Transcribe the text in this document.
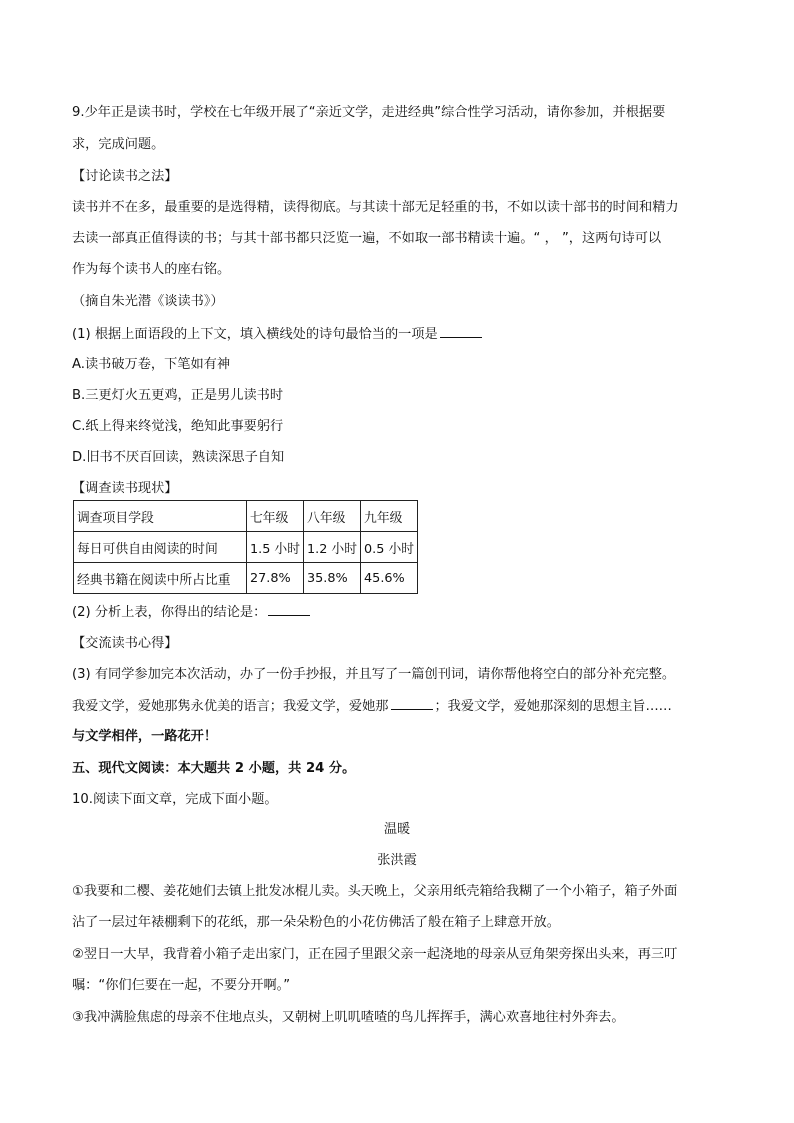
9.少年正是读书时，学校在七年级开展了“亲近文学，走进经典”综合性学习活动，请你参加，并根据要
求，完成问题。
【讨论读书之法】
读书并不在多，最重要的是选得精，读得彻底。与其读十部无足轻重的书，不如以读十部书的时间和精力
去读一部真正值得读的书；与其十部书都只泛览一遍，不如取一部书精读十遍。“ ， ”，这两句诗可以
作为每个读书人的座右铭。
（摘自朱光潜《谈读书》）
(1) 根据上面语段的上下文，填入横线处的诗句最恰当的一项是
A.读书破万卷，下笔如有神
B.三更灯火五更鸡，正是男儿读书时
C.纸上得来终觉浅，绝知此事要躬行
D.旧书不厌百回读，熟读深思子自知
【调查读书现状】
调查项目学段	七年级	八年级	九年级
每日可供自由阅读的时间	1.5 小时	1.2 小时	0.5 小时
经典书籍在阅读中所占比重	27.8%	35.8%	45.6%
(2) 分析上表，你得出的结论是：
【交流读书心得】
(3) 有同学参加完本次活动，办了一份手抄报，并且写了一篇创刊词，请你帮他将空白的部分补充完整。
我爱文学，爱她那隽永优美的语言；我爱文学，爱她那	；我爱文学，爱她那深刻的思想主旨……
与文学相伴，一路花开！
五、现代文阅读：本大题共 2 小题，共 24 分。
10.阅读下面文章，完成下面小题。
温暖
张洪霞
①我要和二樱、姜花她们去镇上批发冰棍儿卖。头天晚上，父亲用纸壳箱给我糊了一个小箱子，箱子外面
沾了一层过年裱棚剩下的花纸，那一朵朵粉色的小花仿佛活了般在箱子上肆意开放。
②翌日一大早，我背着小箱子走出家门，正在园子里跟父亲一起浇地的母亲从豆角架旁探出头来，再三叮
嘱：“你们仨要在一起，不要分开啊。”
③我冲满脸焦虑的母亲不住地点头，又朝树上叽叽喳喳的鸟儿挥挥手，满心欢喜地往村外奔去。
